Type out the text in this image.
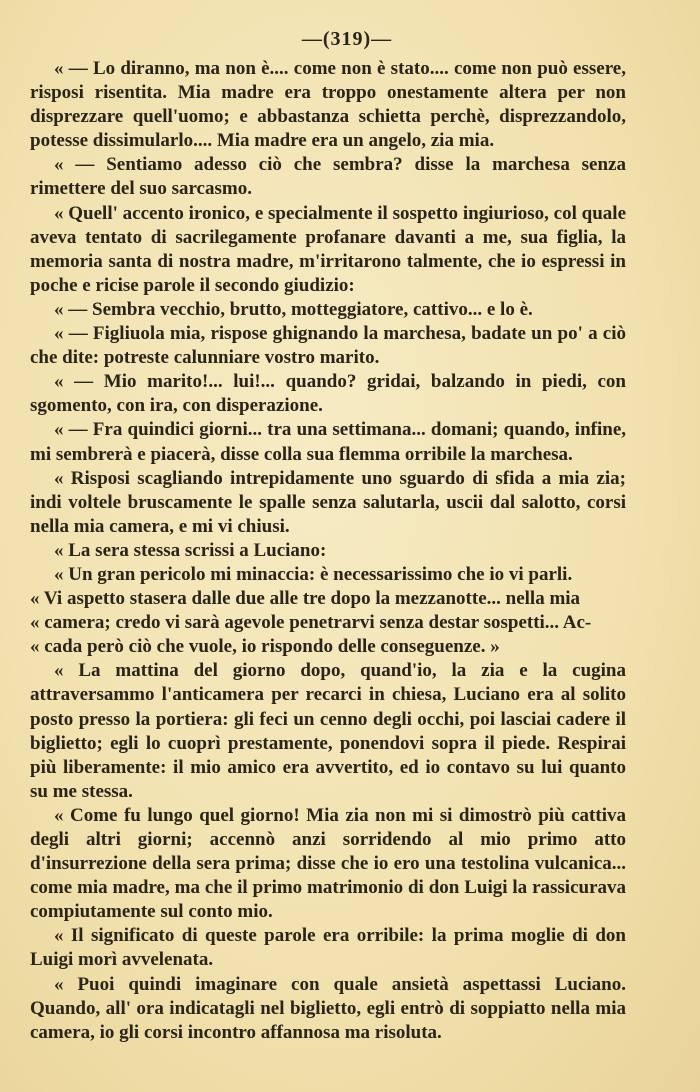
—(319)—

« — Lo diranno, ma non è.... come non è stato.... come non può essere, risposi risentita. Mia madre era troppo onestamente altera per non disprezzare quell'uomo; e abbastanza schietta perchè, disprezzandolo, potesse dissimularlo.... Mia madre era un angelo, zia mia.

« — Sentiamo adesso ciò che sembra? disse la marchesa senza rimettere del suo sarcasmo.

« Quell' accento ironico, e specialmente il sospetto ingiurioso, col quale aveva tentato di sacrilegamente profanare davanti a me, sua figlia, la memoria santa di nostra madre, m'irritarono talmente, che io espressi in poche e ricise parole il secondo giudizio:

« — Sembra vecchio, brutto, motteggiatore, cattivo... e lo è.

« — Figliuola mia, rispose ghignando la marchesa, badate un po' a ciò che dite: potreste calunniare vostro marito.

« — Mio marito!... lui!... quando? gridai, balzando in piedi, con sgomento, con ira, con disperazione.

« — Fra quindici giorni... tra una settimana... domani; quando, infine, mi sembrerà e piacerà, disse colla sua flemma orribile la marchesa.

« Risposi scagliando intrepidamente uno sguardo di sfida a mia zia; indi voltele bruscamente le spalle senza salutarla, uscii dal salotto, corsi nella mia camera, e mi vi chiusi.

« La sera stessa scrissi a Luciano:

« Un gran pericolo mi minaccia: è necessarissimo che io vi parli.

« Vi aspetto stasera dalle due alle tre dopo la mezzanotte... nella mia

« camera; credo vi sarà agevole penetrarvi senza destar sospetti... Ac-

« cada però ciò che vuole, io rispondo delle conseguenze. »

« La mattina del giorno dopo, quand'io, la zia e la cugina attraversammo l'anticamera per recarci in chiesa, Luciano era al solito posto presso la portiera: gli feci un cenno degli occhi, poi lasciai cadere il biglietto; egli lo cuoprì prestamente, ponendovi sopra il piede. Respirai più liberamente: il mio amico era avvertito, ed io contavo su lui quanto su me stessa.

« Come fu lungo quel giorno! Mia zia non mi si dimostrò più cattiva degli altri giorni; accennò anzi sorridendo al mio primo atto d'insurrezione della sera prima; disse che io ero una testolina vulcanica... come mia madre, ma che il primo matrimonio di don Luigi la rassicurava compiutamente sul conto mio.

« Il significato di queste parole era orribile: la prima moglie di don Luigi morì avvelenata.

« Puoi quindi imaginare con quale ansietà aspettassi Luciano. Quando, all' ora indicatagli nel biglietto, egli entrò di soppiatto nella mia camera, io gli corsi incontro affannosa ma risoluta.
